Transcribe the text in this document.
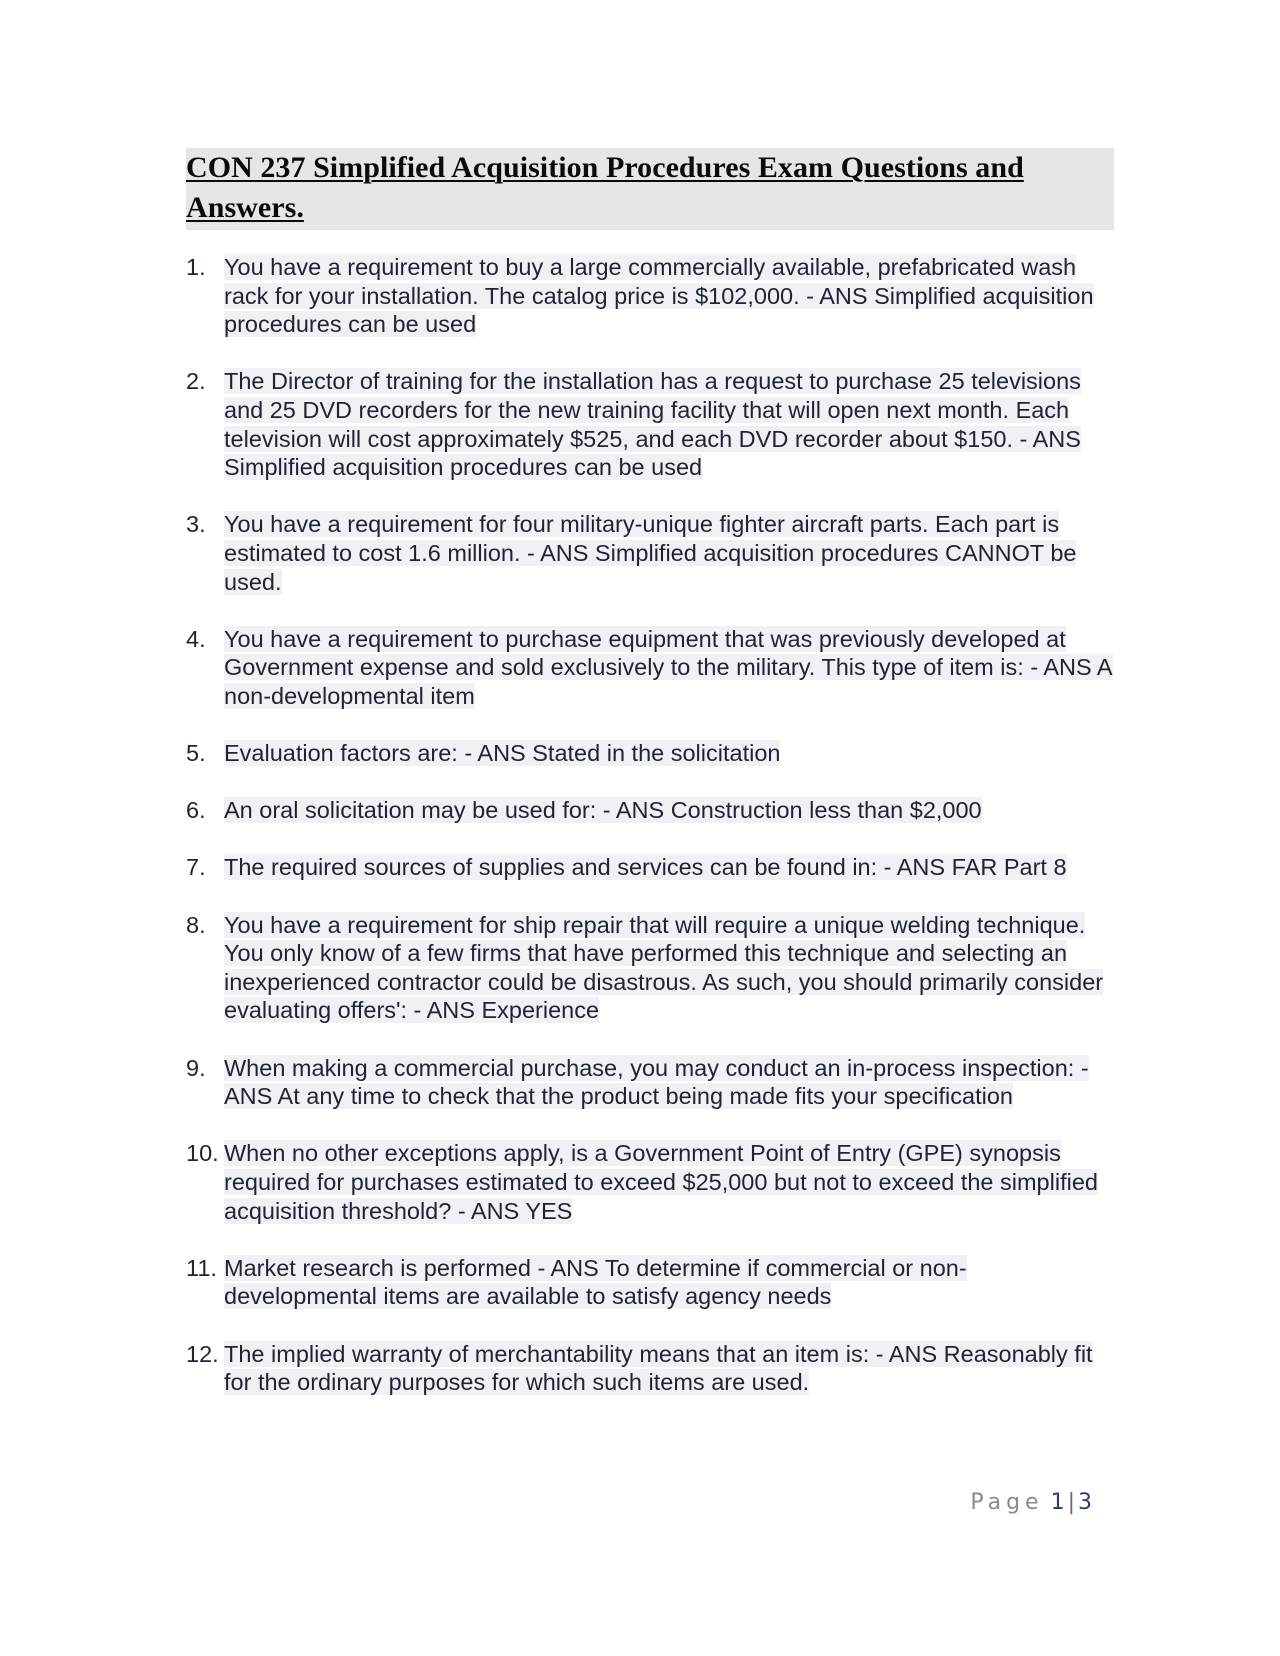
CON 237 Simplified Acquisition Procedures Exam Questions and Answers.
1. You have a requirement to buy a large commercially available, prefabricated wash rack for your installation. The catalog price is $102,000. - ANS Simplified acquisition procedures can be used
2. The Director of training for the installation has a request to purchase 25 televisions and 25 DVD recorders for the new training facility that will open next month. Each television will cost approximately $525, and each DVD recorder about $150. - ANS Simplified acquisition procedures can be used
3. You have a requirement for four military-unique fighter aircraft parts. Each part is estimated to cost 1.6 million. - ANS Simplified acquisition procedures CANNOT be used.
4. You have a requirement to purchase equipment that was previously developed at Government expense and sold exclusively to the military. This type of item is: - ANS A non-developmental item
5. Evaluation factors are: - ANS Stated in the solicitation
6. An oral solicitation may be used for: - ANS Construction less than $2,000
7. The required sources of supplies and services can be found in: - ANS FAR Part 8
8. You have a requirement for ship repair that will require a unique welding technique. You only know of a few firms that have performed this technique and selecting an inexperienced contractor could be disastrous. As such, you should primarily consider evaluating offers': - ANS Experience
9. When making a commercial purchase, you may conduct an in-process inspection: - ANS At any time to check that the product being made fits your specification
10. When no other exceptions apply, is a Government Point of Entry (GPE) synopsis required for purchases estimated to exceed $25,000 but not to exceed the simplified acquisition threshold? - ANS YES
11. Market research is performed - ANS To determine if commercial or non-developmental items are available to satisfy agency needs
12. The implied warranty of merchantability means that an item is: - ANS Reasonably fit for the ordinary purposes for which such items are used.
Page 1 | 3
